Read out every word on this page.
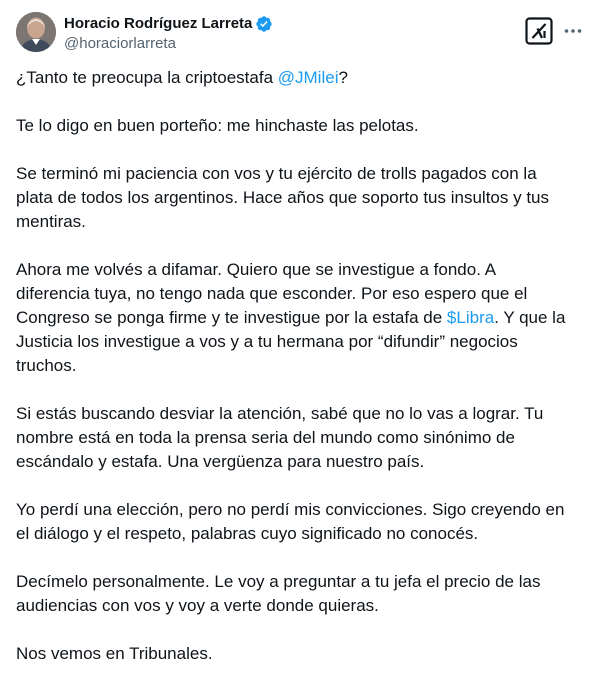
Horacio Rodríguez Larreta
@horaciorlarreta

¿Tanto te preocupa la criptoestafa @JMilei?

Te lo digo en buen porteño: me hinchaste las pelotas.

Se terminó mi paciencia con vos y tu ejército de trolls pagados con la
plata de todos los argentinos. Hace años que soporto tus insultos y tus
mentiras.

Ahora me volvés a difamar. Quiero que se investigue a fondo. A
diferencia tuya, no tengo nada que esconder. Por eso espero que el
Congreso se ponga firme y te investigue por la estafa de $Libra. Y que la
Justicia los investigue a vos y a tu hermana por “difundir” negocios
truchos.

Si estás buscando desviar la atención, sabé que no lo vas a lograr. Tu
nombre está en toda la prensa seria del mundo como sinónimo de
escándalo y estafa. Una vergüenza para nuestro país.

Yo perdí una elección, pero no perdí mis convicciones. Sigo creyendo en
el diálogo y el respeto, palabras cuyo significado no conocés.

Decímelo personalmente. Le voy a preguntar a tu jefa el precio de las
audiencias con vos y voy a verte donde quieras.

Nos vemos en Tribunales.
